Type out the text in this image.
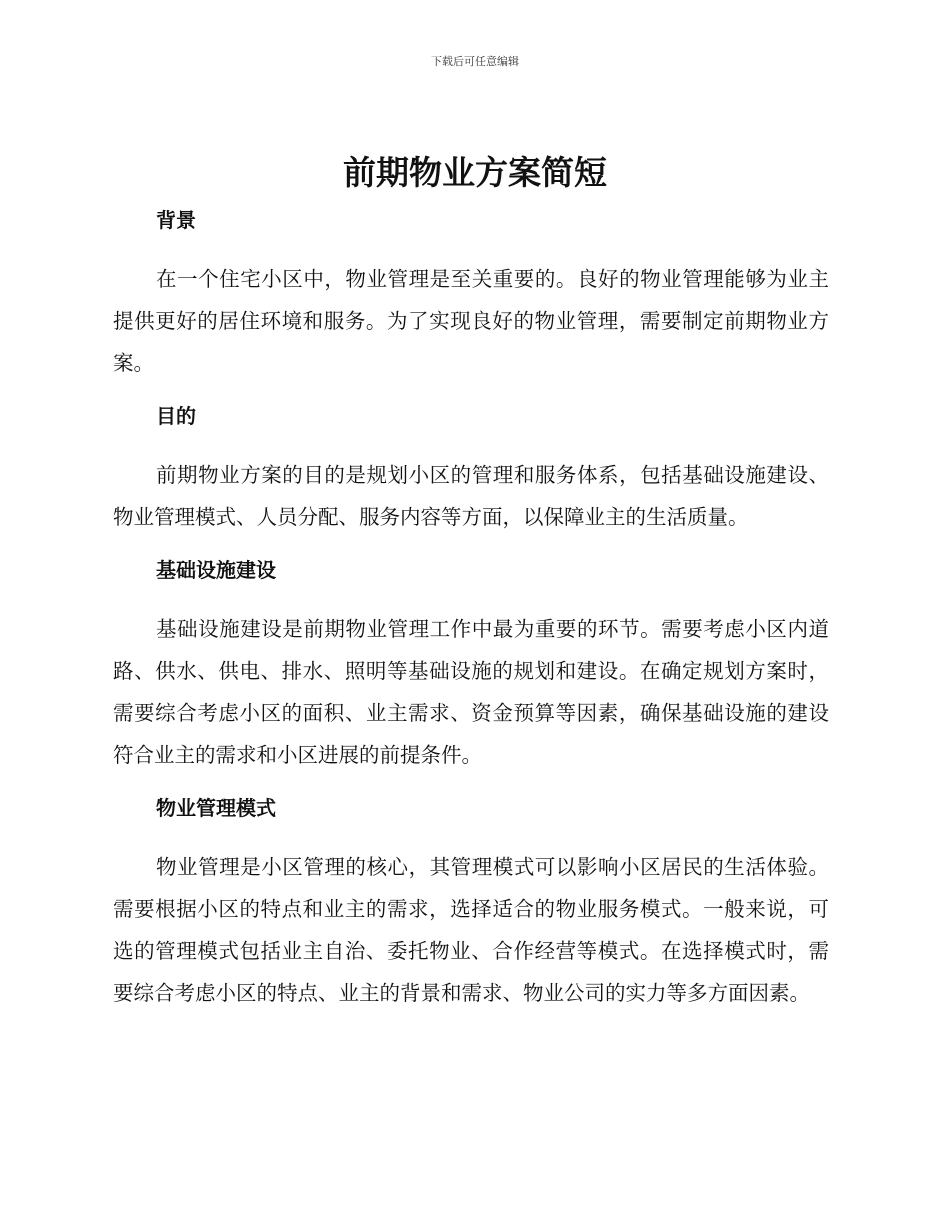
下载后可任意编辑
前期物业方案简短
背景

在一个住宅小区中，物业管理是至关重要的。良好的物业管理能够为业主提供更好的居住环境和服务。为了实现良好的物业管理，需要制定前期物业方案。

目的

前期物业方案的目的是规划小区的管理和服务体系，包括基础设施建设、物业管理模式、人员分配、服务内容等方面，以保障业主的生活质量。

基础设施建设

基础设施建设是前期物业管理工作中最为重要的环节。需要考虑小区内道路、供水、供电、排水、照明等基础设施的规划和建设。在确定规划方案时，需要综合考虑小区的面积、业主需求、资金预算等因素，确保基础设施的建设符合业主的需求和小区进展的前提条件。

物业管理模式

物业管理是小区管理的核心，其管理模式可以影响小区居民的生活体验。需要根据小区的特点和业主的需求，选择适合的物业服务模式。一般来说，可选的管理模式包括业主自治、委托物业、合作经营等模式。在选择模式时，需要综合考虑小区的特点、业主的背景和需求、物业公司的实力等多方面因素。
